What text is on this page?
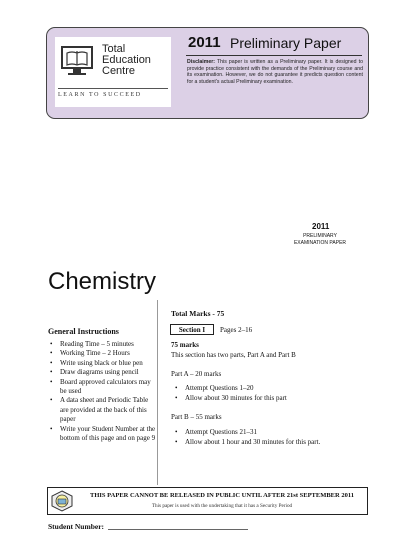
Total
Education
Centre
LEARN TO SUCCEED
2011 Preliminary Paper
Disclaimer: This paper is written as a Preliminary paper. It is designed to provide practice consistent with the demands of the Preliminary course and its examination. However, we do not guarantee it predicts question content for a student's actual Preliminary examination.
2011
PRELIMINARY
EXAMINATION PAPER
Chemistry
General Instructions
• Reading Time – 5 minutes
• Working Time – 2 Hours
• Write using black or blue pen
• Draw diagrams using pencil
• Board approved calculators may be used
• A data sheet and Periodic Table are provided at the back of this paper
• Write your Student Number at the bottom of this page and on page 9
Total Marks - 75
Section I	Pages 2–16
75 marks
This section has two parts, Part A and Part B
Part A – 20 marks
• Attempt Questions 1–20
• Allow about 30 minutes for this part
Part B – 55 marks
• Attempt Questions 21–31
• Allow about 1 hour and 30 minutes for this part.
THIS PAPER CANNOT BE RELEASED IN PUBLIC UNTIL AFTER 21st SEPTEMBER 2011
This paper is used with the undertaking that it has a Security Period
Student Number:
